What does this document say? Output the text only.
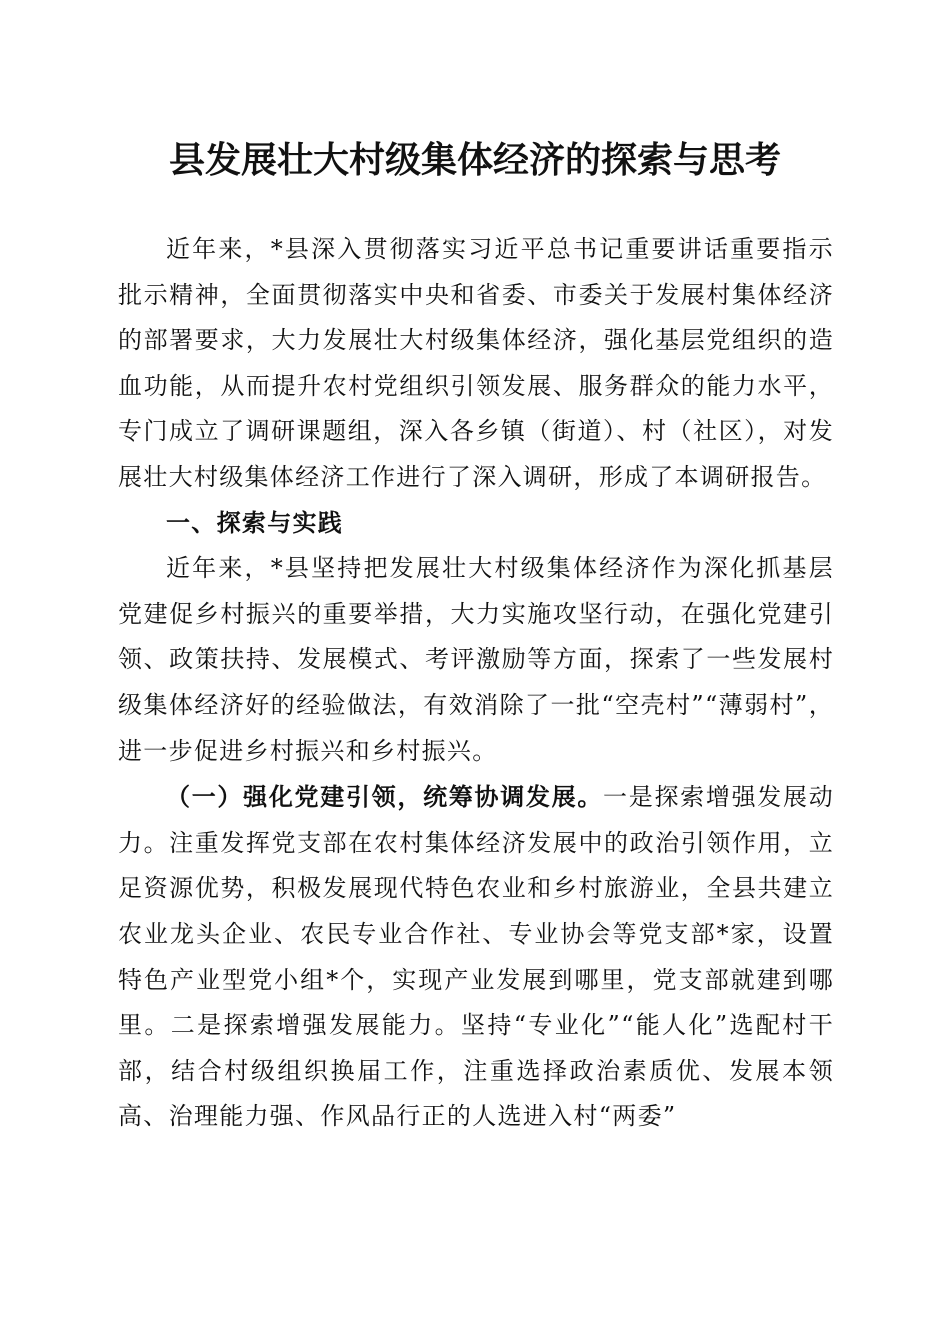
县发展壮大村级集体经济的探索与思考

近年来，*县深入贯彻落实习近平总书记重要讲话重要指示批示精神，全面贯彻落实中央和省委、市委关于发展村集体经济的部署要求，大力发展壮大村级集体经济，强化基层党组织的造血功能，从而提升农村党组织引领发展、服务群众的能力水平，专门成立了调研课题组，深入各乡镇（街道）、村（社区），对发展壮大村级集体经济工作进行了深入调研，形成了本调研报告。

一、探索与实践

近年来，*县坚持把发展壮大村级集体经济作为深化抓基层党建促乡村振兴的重要举措，大力实施攻坚行动，在强化党建引领、政策扶持、发展模式、考评激励等方面，探索了一些发展村级集体经济好的经验做法，有效消除了一批“空壳村”“薄弱村”，进一步促进乡村振兴和乡村振兴。

（一）强化党建引领，统筹协调发展。一是探索增强发展动力。注重发挥党支部在农村集体经济发展中的政治引领作用，立足资源优势，积极发展现代特色农业和乡村旅游业，全县共建立农业龙头企业、农民专业合作社、专业协会等党支部*家，设置特色产业型党小组*个，实现产业发展到哪里，党支部就建到哪里。二是探索增强发展能力。坚持“专业化”“能人化”选配村干部，结合村级组织换届工作，注重选择政治素质优、发展本领高、治理能力强、作风品行正的人选进入村“两委”
